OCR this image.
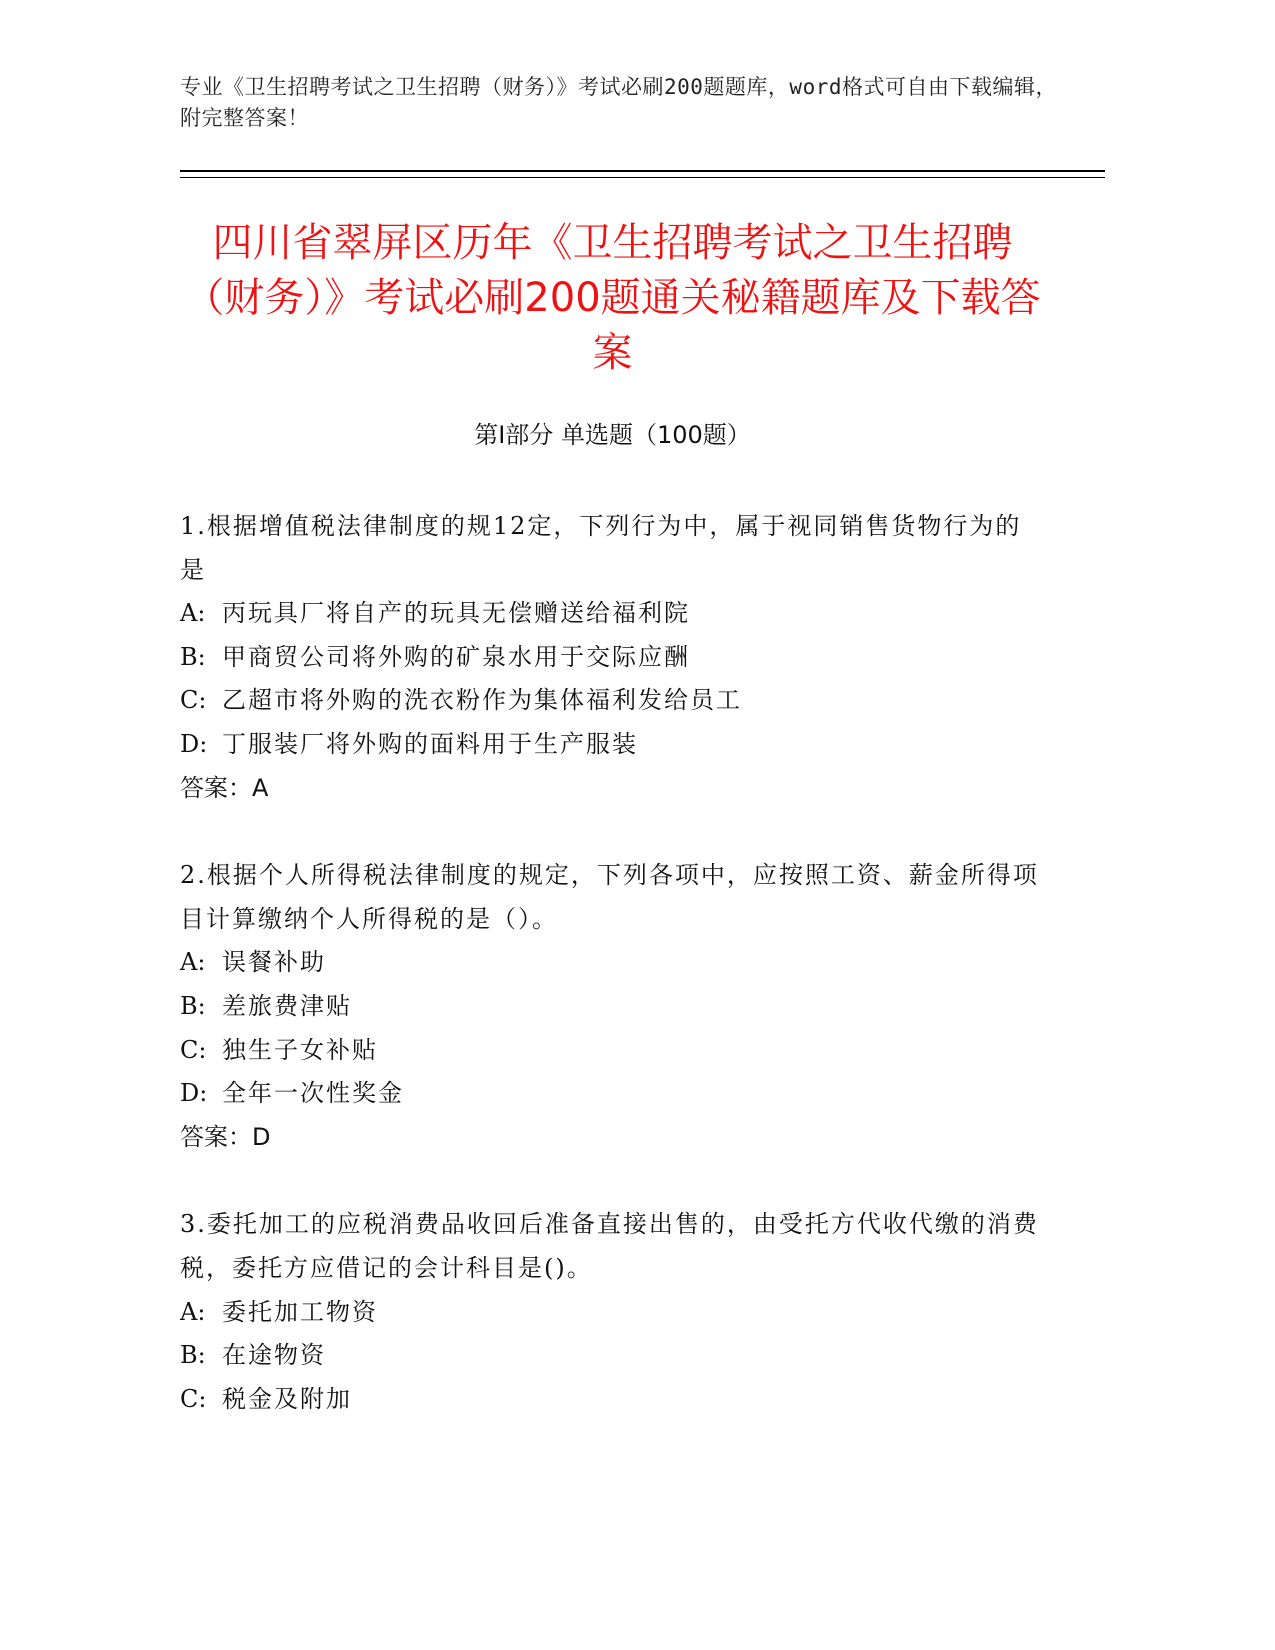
专业《卫生招聘考试之卫生招聘（财务）》考试必刷200题题库，word格式可自由下载编辑，附完整答案！
四川省翠屏区历年《卫生招聘考试之卫生招聘（财务）》考试必刷200题通关秘籍题库及下载答案
第Ⅰ部分 单选题（100题）
1.根据增值税法律制度的规12定，下列行为中，属于视同销售货物行为的是
A: 丙玩具厂将自产的玩具无偿赠送给福利院
B: 甲商贸公司将外购的矿泉水用于交际应酬
C: 乙超市将外购的洗衣粉作为集体福利发给员工
D: 丁服装厂将外购的面料用于生产服装
答案：A
2.根据个人所得税法律制度的规定，下列各项中，应按照工资、薪金所得项目计算缴纳个人所得税的是（）。
A: 误餐补助
B: 差旅费津贴
C: 独生子女补贴
D: 全年一次性奖金
答案：D
3.委托加工的应税消费品收回后准备直接出售的，由受托方代收代缴的消费税，委托方应借记的会计科目是()。
A: 委托加工物资
B: 在途物资
C: 税金及附加
